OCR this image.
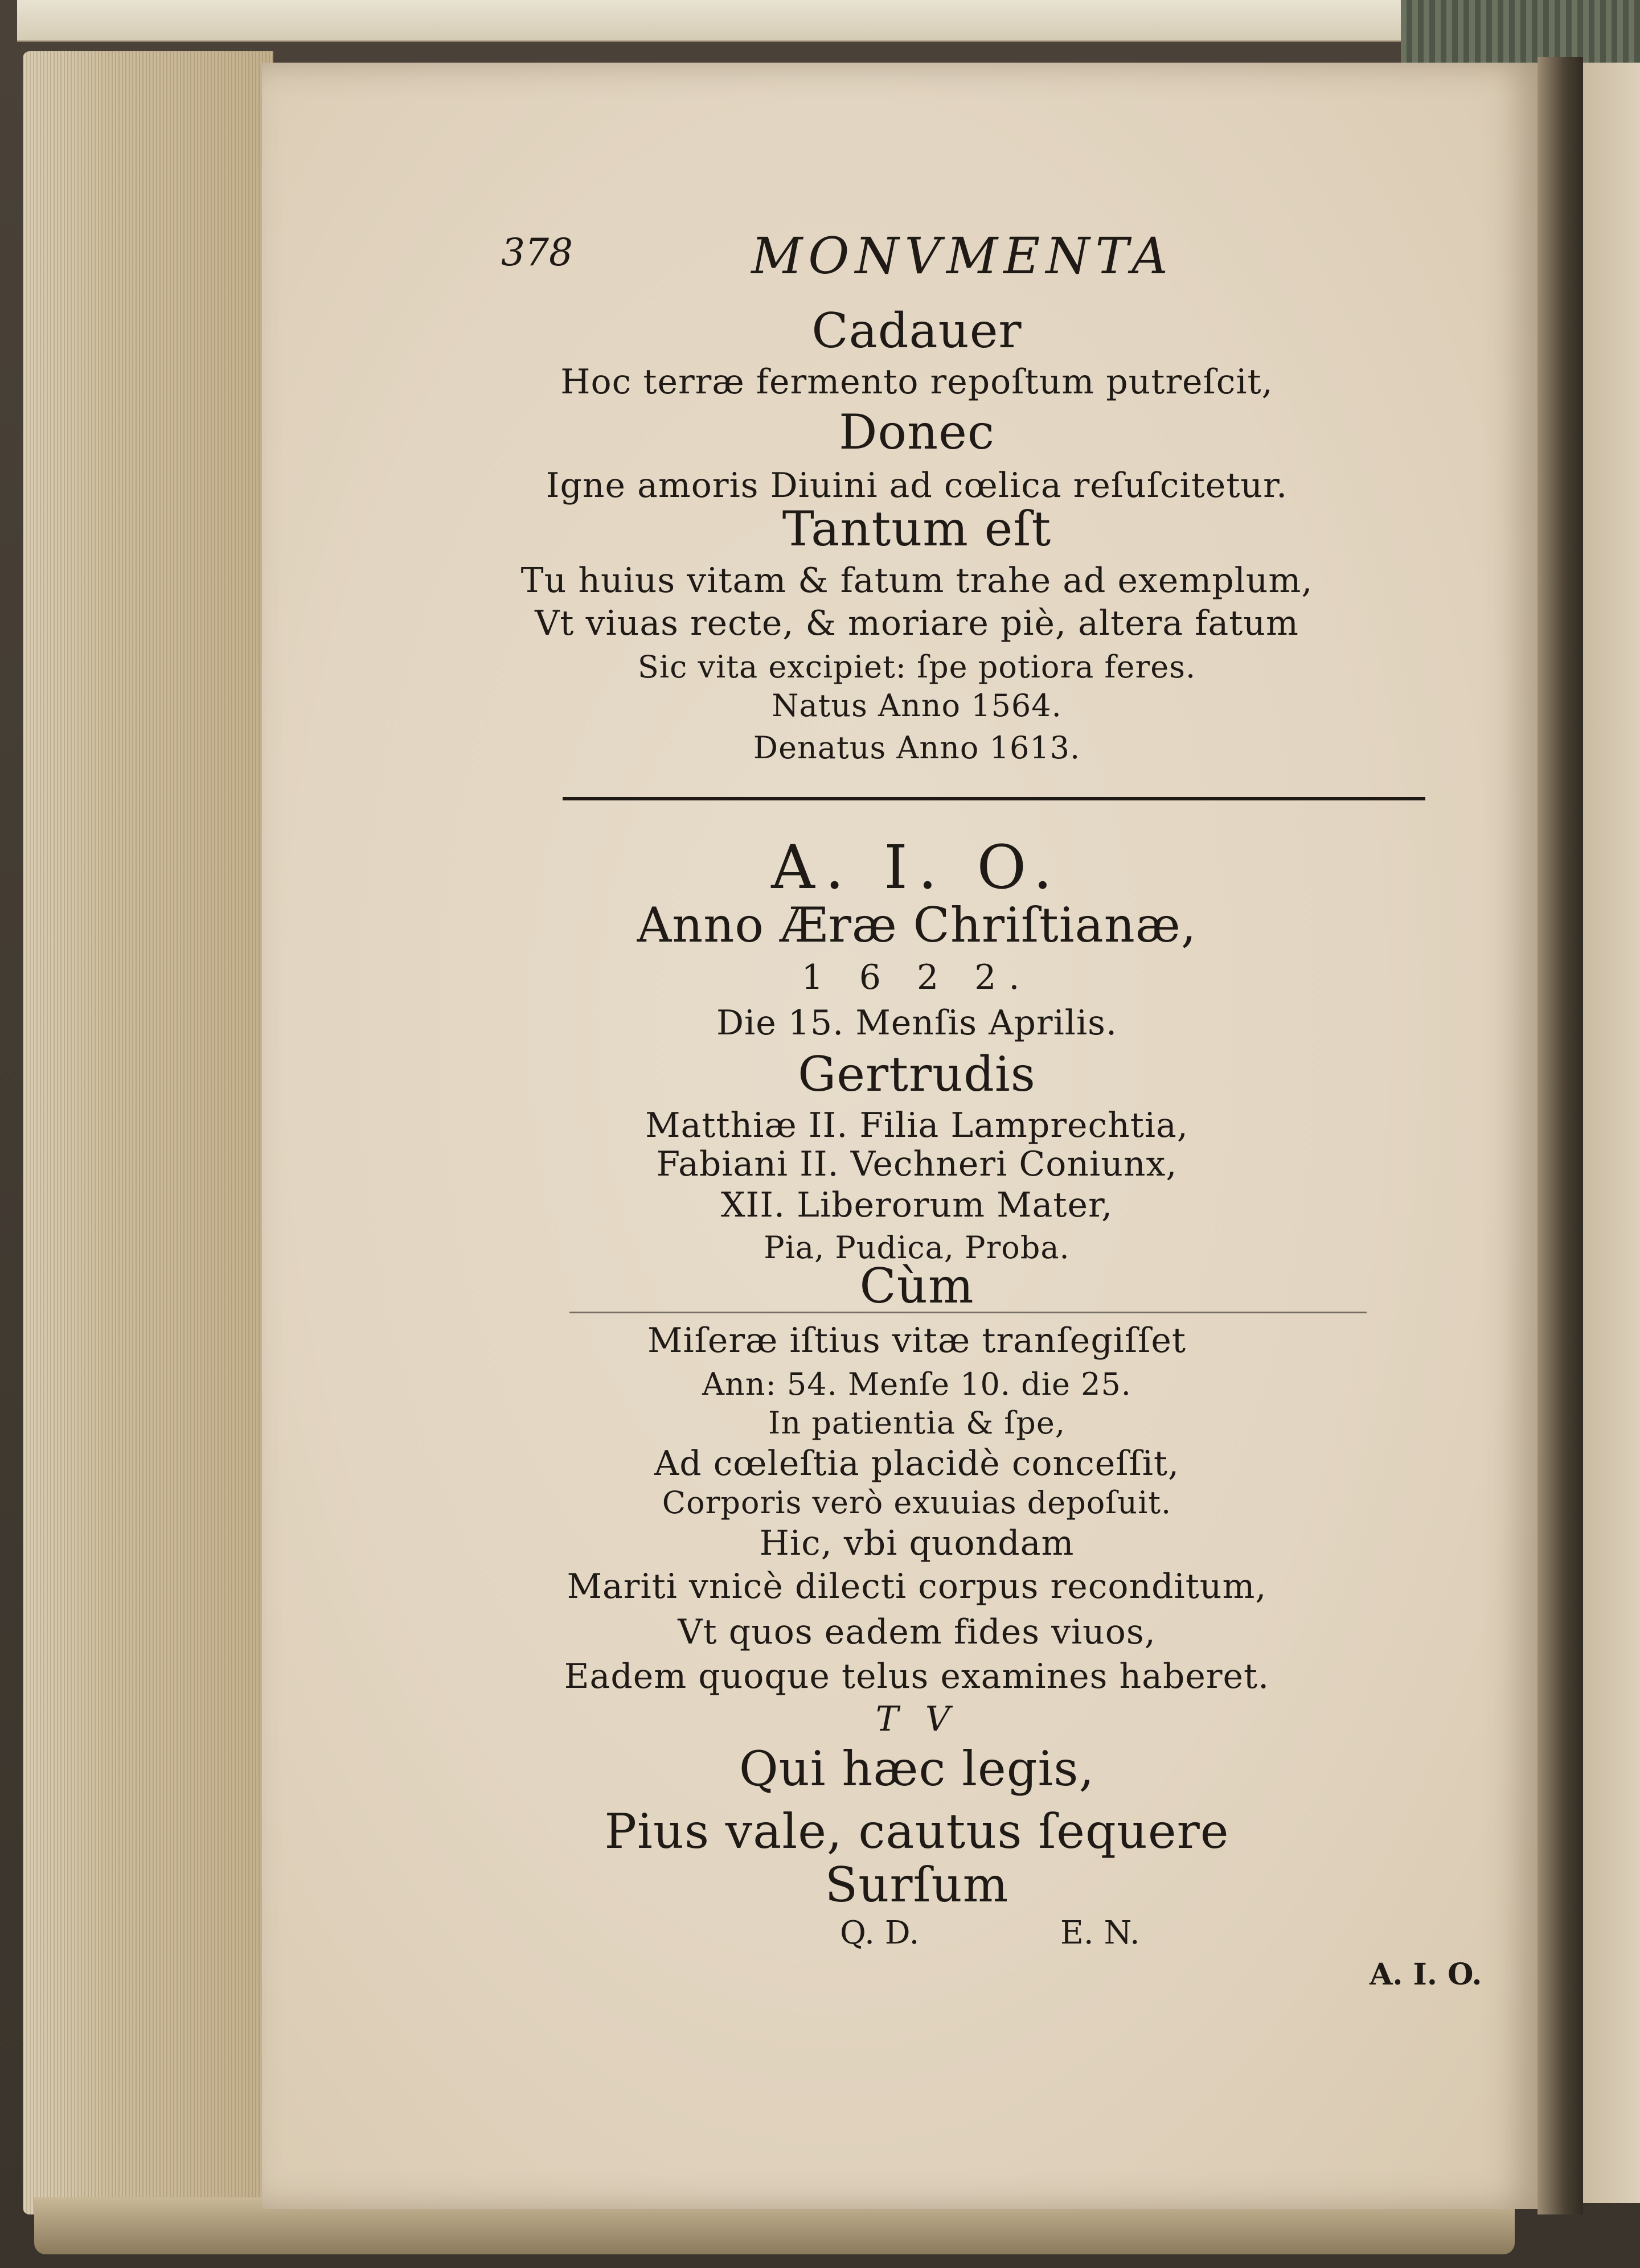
378	MONVMENTA
Cadauer
Hoc terræ fermento repoſtum putreſcit,
Donec
Igne amoris Diuini ad cœlica reſuſcitetur.
Tantum eſt
Tu huius vitam & fatum trahe ad exemplum,
Vt viuas recte, & moriare piè, altera fatum
Sic vita excipiet: ſpe potiora feres.
Natus Anno 1564.
Denatus Anno 1613.
A. I. O.
Anno Æræ Chriſtianæ,
1 6 2 2.
Die 15. Menſis Aprilis.
Gertrudis
Matthiæ II. Filia Lamprechtia,
Fabiani II. Vechneri Coniunx,
XII. Liberorum Mater,
Pia, Pudica, Proba.
Cùm
Miſeræ iſtius vitæ tranſegiſſet
Ann: 54. Menſe 10. die 25.
In patientia & ſpe,
Ad cœleſtia placidè conceſſit,
Corporis verò exuuias depoſuit.
Hic, vbi quondam
Mariti vnicè dilecti corpus reconditum,
Vt quos eadem fides viuos,
Eadem quoque telus examines haberet.
T V
Qui hæc legis,
Pius vale, cautus ſequere
Surſum
Q. D.	E. N.
A. I. O.
